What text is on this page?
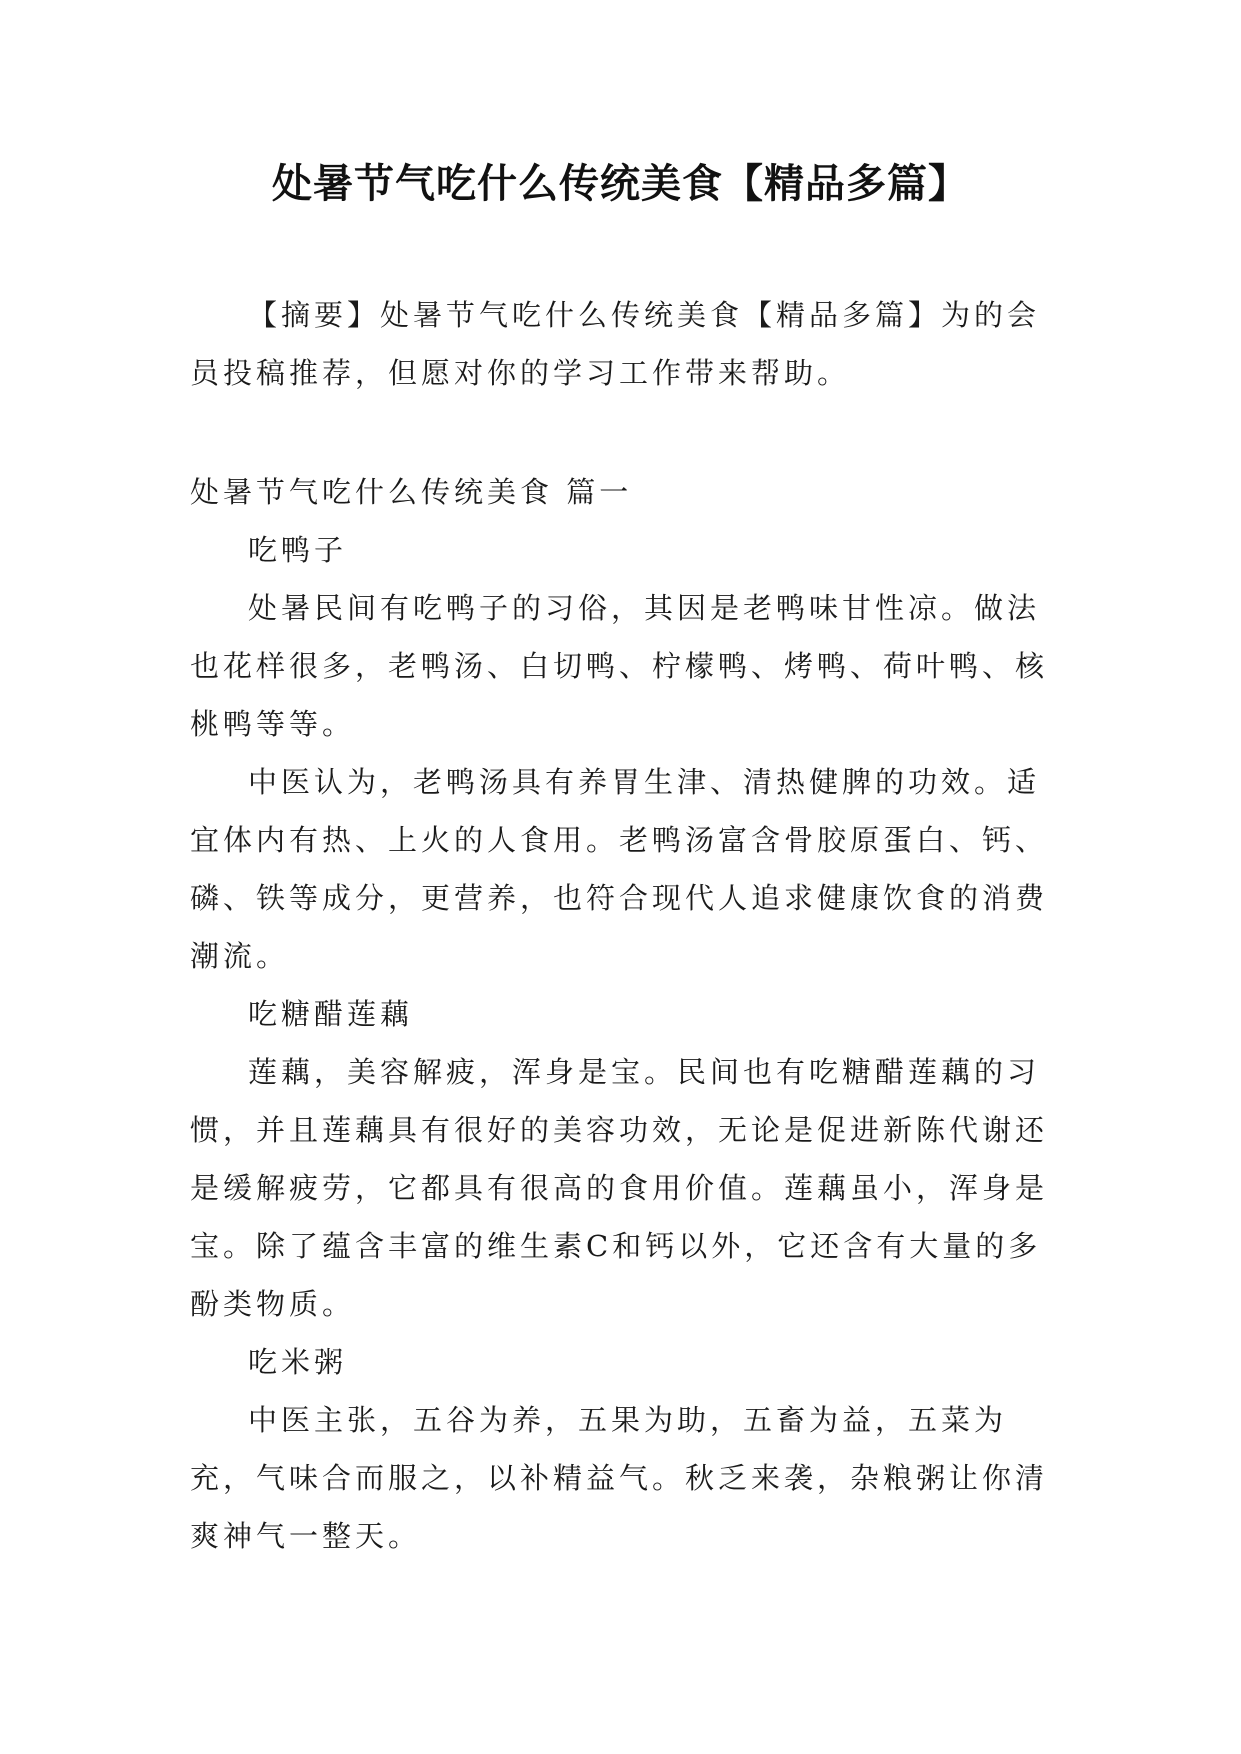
处暑节气吃什么传统美食【精品多篇】

【摘要】处暑节气吃什么传统美食【精品多篇】为的会员投稿推荐，但愿对你的学习工作带来帮助。

处暑节气吃什么传统美食 篇一

吃鸭子

处暑民间有吃鸭子的习俗，其因是老鸭味甘性凉。做法也花样很多，老鸭汤、白切鸭、柠檬鸭、烤鸭、荷叶鸭、核桃鸭等等。

中医认为，老鸭汤具有养胃生津、清热健脾的功效。适宜体内有热、上火的人食用。老鸭汤富含骨胶原蛋白、钙、磷、铁等成分，更营养，也符合现代人追求健康饮食的消费潮流。

吃糖醋莲藕

莲藕，美容解疲，浑身是宝。民间也有吃糖醋莲藕的习惯，并且莲藕具有很好的美容功效，无论是促进新陈代谢还是缓解疲劳，它都具有很高的食用价值。莲藕虽小，浑身是宝。除了蕴含丰富的维生素C和钙以外，它还含有大量的多酚类物质。

吃米粥

中医主张，五谷为养，五果为助，五畜为益，五菜为充，气味合而服之，以补精益气。秋乏来袭，杂粮粥让你清爽神气一整天。
